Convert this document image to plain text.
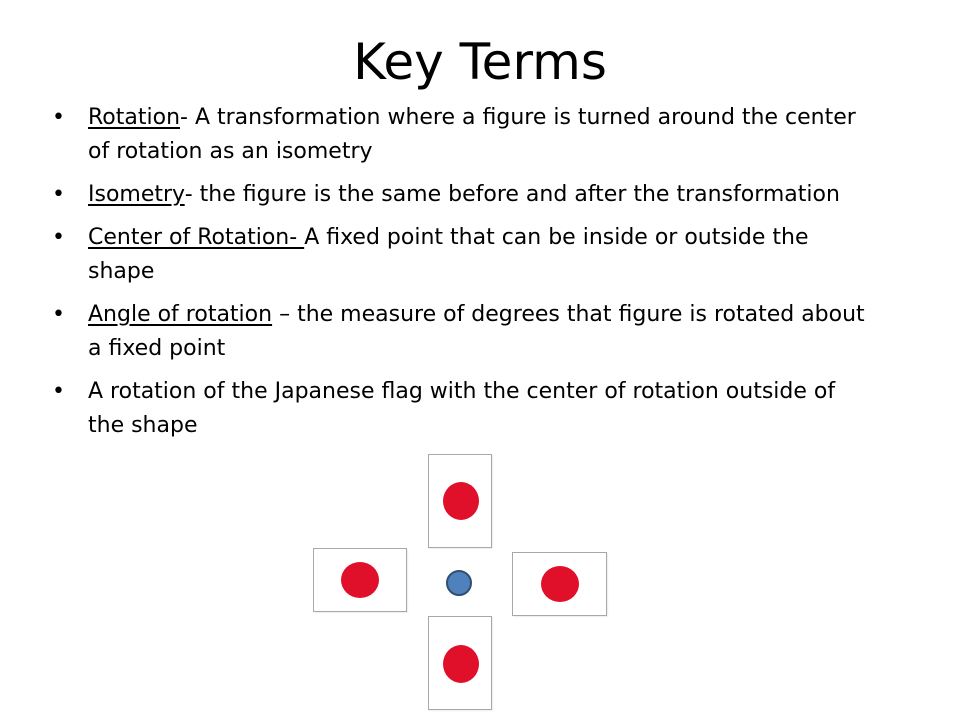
Key Terms
• Rotation- A transformation where a figure is turned around the center of rotation as an isometry
• Isometry- the figure is the same before and after the transformation
• Center of Rotation- A fixed point that can be inside or outside the shape
• Angle of rotation – the measure of degrees that figure is rotated about a fixed point
• A rotation of the Japanese flag with the center of rotation outside of the shape
